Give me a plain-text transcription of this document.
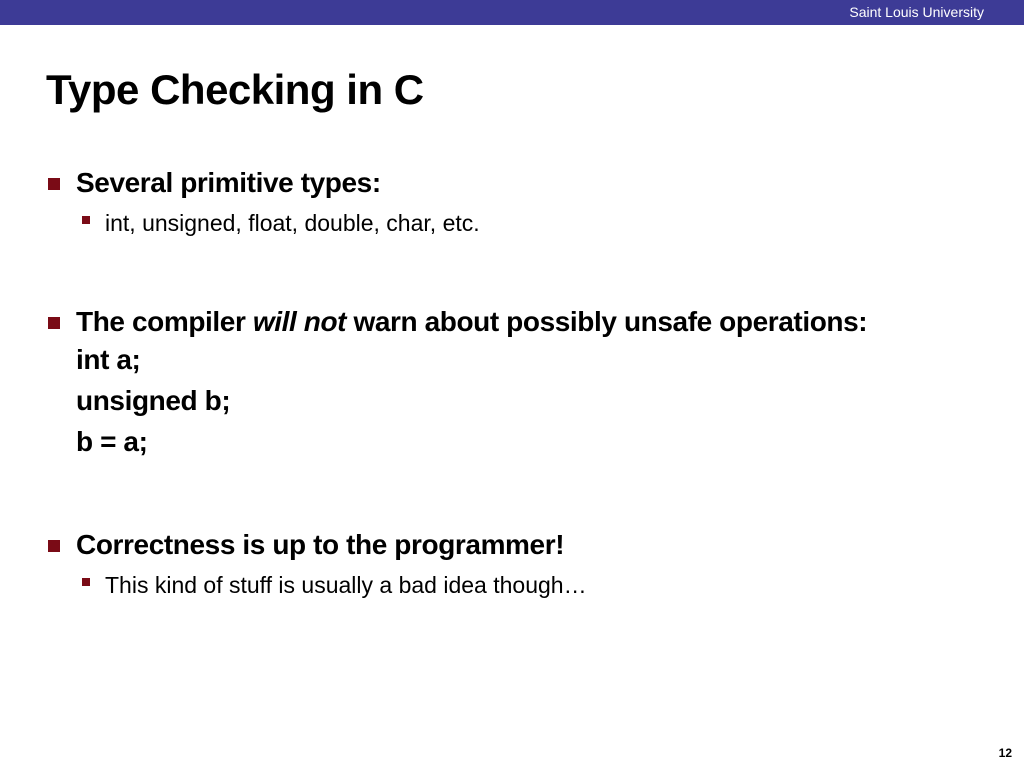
Saint Louis University
Type Checking in C
Several primitive types:
int, unsigned, float, double, char, etc.
The compiler will not warn about possibly unsafe operations:
int a;
unsigned b;
b = a;
Correctness is up to the programmer!
This kind of stuff is usually a bad idea though…
12
